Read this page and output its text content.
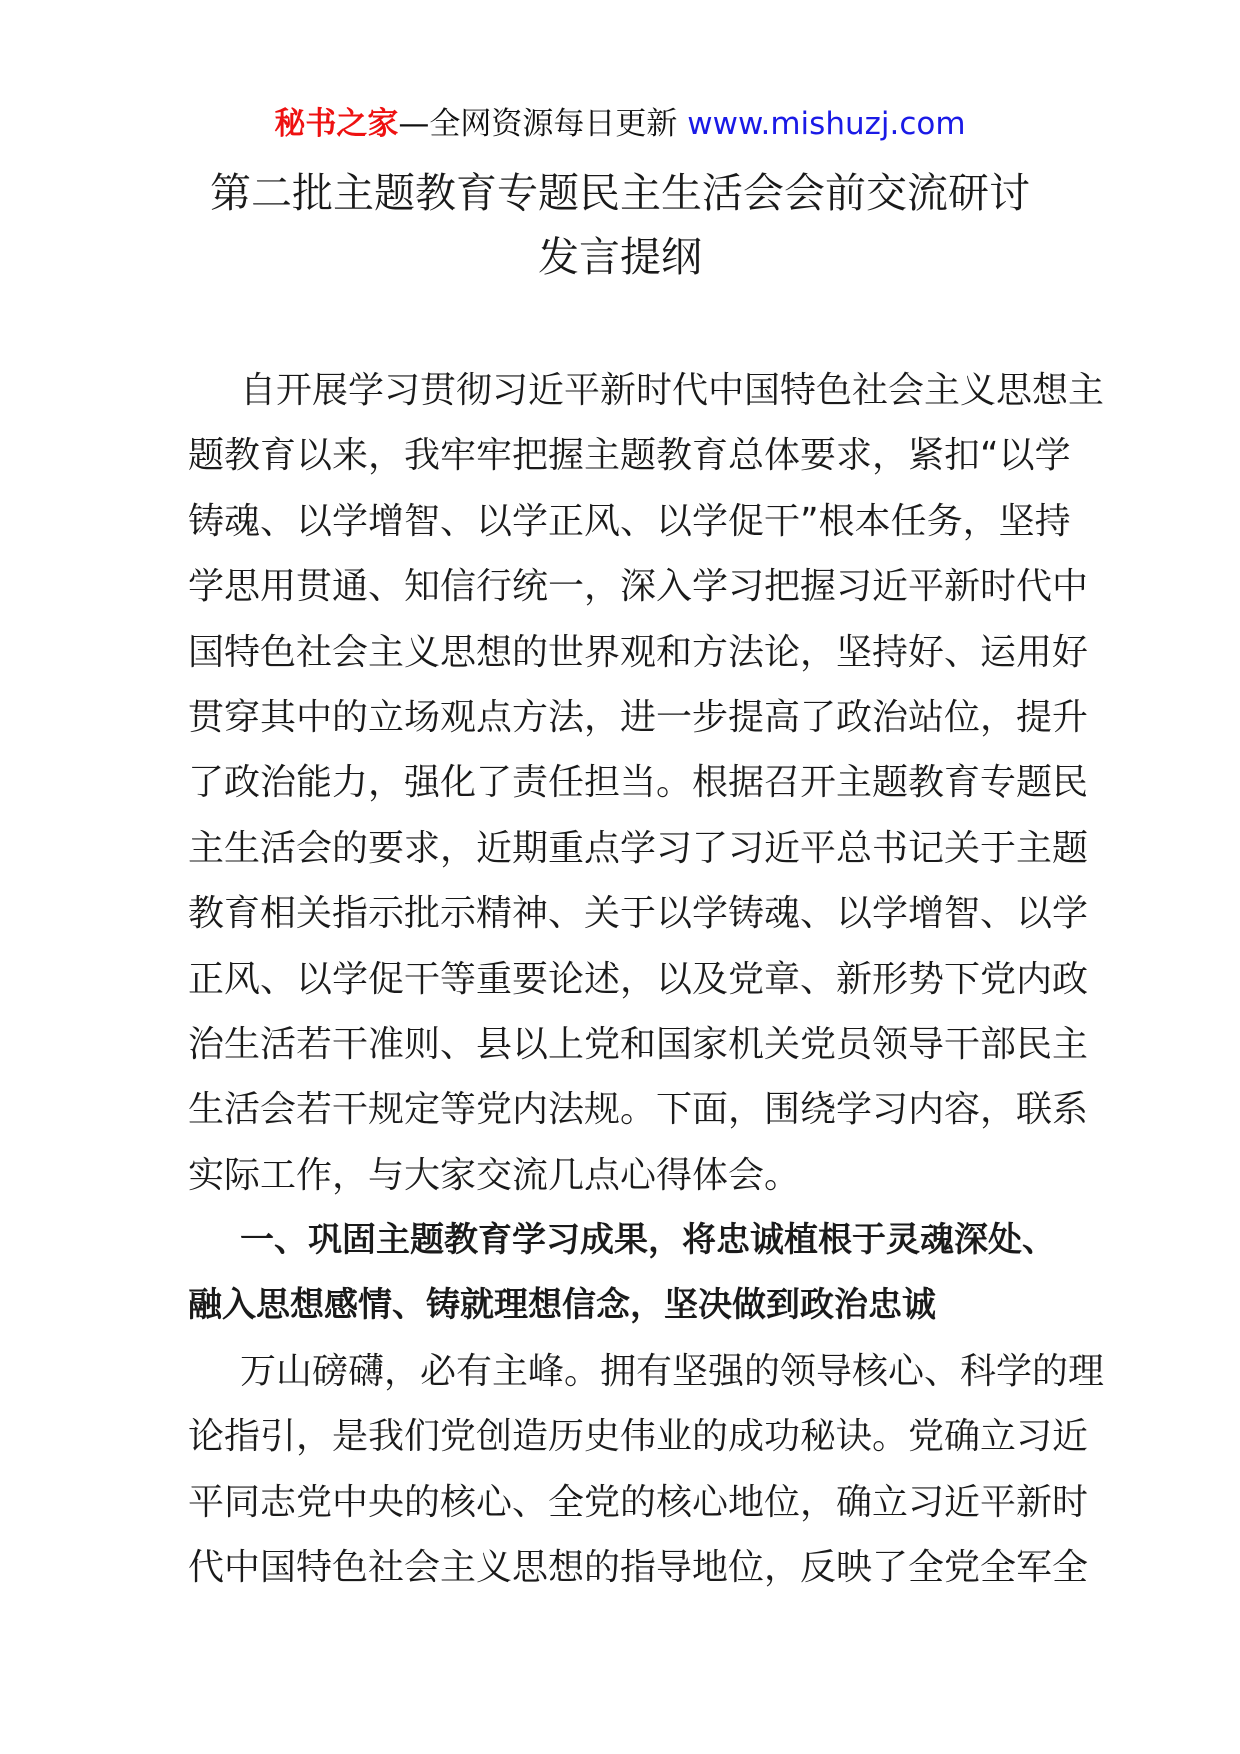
秘书之家—全网资源每日更新 www.mishuzj.com
第二批主题教育专题民主生活会会前交流研讨
发言提纲
自开展学习贯彻习近平新时代中国特色社会主义思想主
题教育以来，我牢牢把握主题教育总体要求，紧扣“以学
铸魂、以学增智、以学正风、以学促干”根本任务，坚持
学思用贯通、知信行统一，深入学习把握习近平新时代中
国特色社会主义思想的世界观和方法论，坚持好、运用好
贯穿其中的立场观点方法，进一步提高了政治站位，提升
了政治能力，强化了责任担当。根据召开主题教育专题民
主生活会的要求，近期重点学习了习近平总书记关于主题
教育相关指示批示精神、关于以学铸魂、以学增智、以学
正风、以学促干等重要论述，以及党章、新形势下党内政
治生活若干准则、县以上党和国家机关党员领导干部民主
生活会若干规定等党内法规。下面，围绕学习内容，联系
实际工作，与大家交流几点心得体会。
一、巩固主题教育学习成果，将忠诚植根于灵魂深处、
融入思想感情、铸就理想信念，坚决做到政治忠诚
万山磅礴，必有主峰。拥有坚强的领导核心、科学的理
论指引，是我们党创造历史伟业的成功秘诀。党确立习近
平同志党中央的核心、全党的核心地位，确立习近平新时
代中国特色社会主义思想的指导地位，反映了全党全军全
